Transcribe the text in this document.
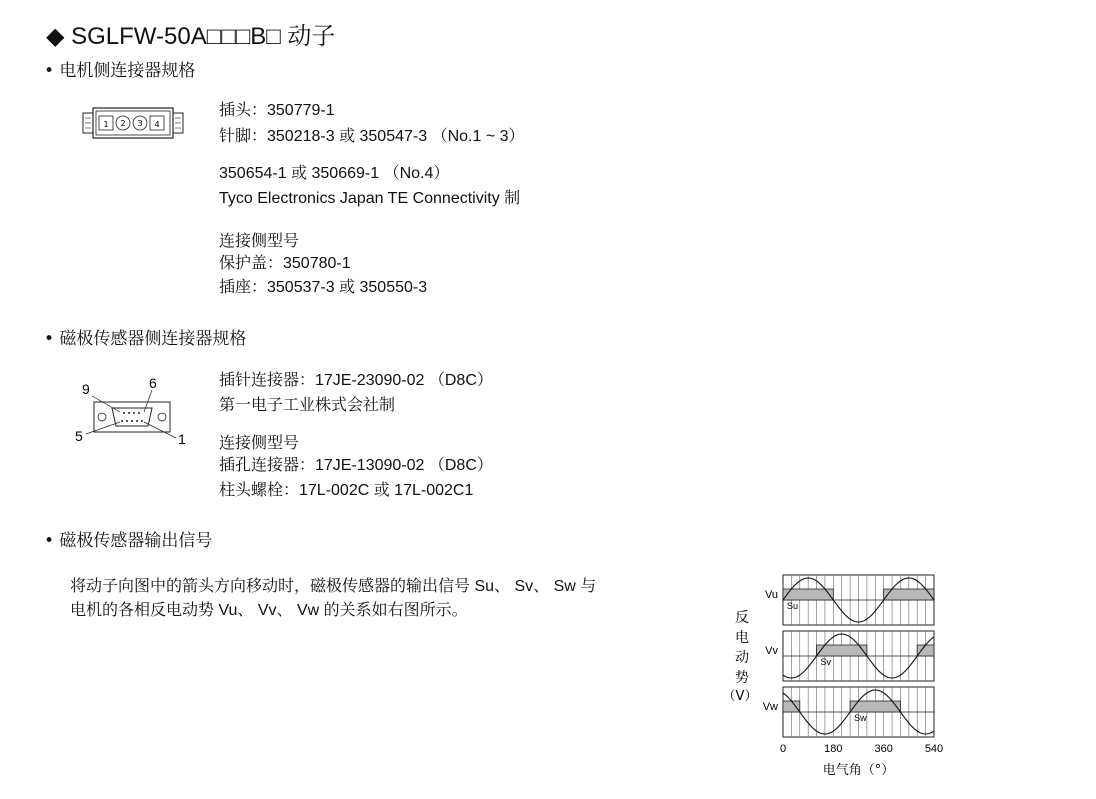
◆ SGLFW-50A□□□B□ 动子
• 电机侧连接器规格
1 2 3 4
插头：350779-1
针脚：350218-3 或 350547-3 （No.1 ~ 3）
350654-1 或 350669-1 （No.4）
Tyco Electronics Japan TE Connectivity 制
连接侧型号
保护盖：350780-1
插座：350537-3 或 350550-3
• 磁极传感器侧连接器规格
9	6
5	1
插针连接器：17JE-23090-02 （D8C）
第一电子工业株式会社制
连接侧型号
插孔连接器：17JE-13090-02 （D8C）
柱头螺栓：17L-002C 或 17L-002C1
• 磁极传感器输出信号
将动子向图中的箭头方向移动时，磁极传感器的输出信号 Su、 Sv、 Sw 与
电机的各相反电动势 Vu、 Vv、 Vw 的关系如右图所示。
Vu
Su
Vv
Sv
Vw
Sw
0	180	360	540
电气角（°）
反
电
动
势
（V）
